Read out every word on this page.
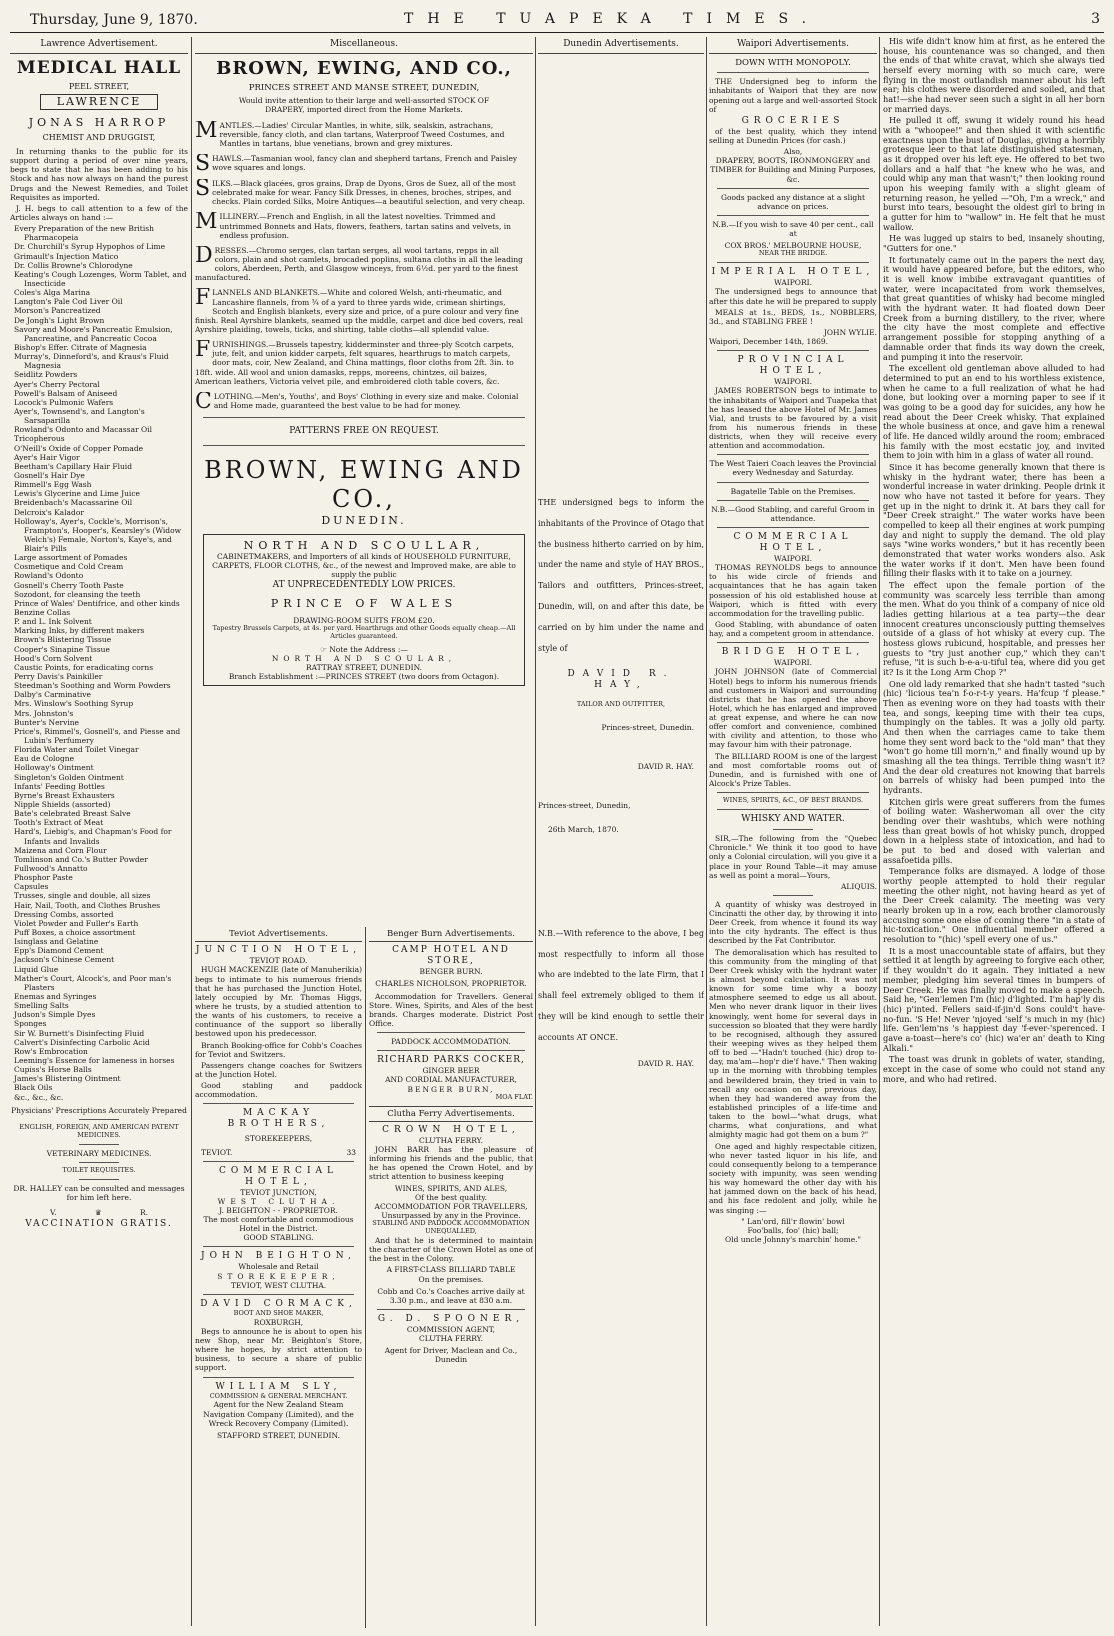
Thursday, June 9, 1870.	THE TUAPEKA TIMES.	3
Lawrence Advertisement.
MEDICAL HALL
PEEL STREET,
LAWRENCE
JONAS HARROP
CHEMIST AND DRUGGIST,

In returning thanks to the public for its support during a period of over nine years, begs to state that he has been adding to his Stock and has now always on hand the purest Drugs and the Newest Remedies, and Toilet Requisites as imported.

J. H. begs to call attention to a few of the Articles always on hand :—

Every Preparation of the new British Pharmacopeia
Dr. Churchill's Syrup Hypophos of Lime
Grimault's Injection Matico
Dr. Collis Browne's Chlorodyne
Keating's Cough Lozenges, Worm Tablet, and Insecticide
Coles's Alga Marina
Langton's Pale Cod Liver Oil
Morson's Pancreatized
De Jongh's Light Brown
Savory and Moore's Pancreatic Emulsion, Pancreatine, and Pancreatic Cocoa
Bishop's Effer. Citrate of Magnesia
Murray's, Dinneford's, and Kraus's Fluid Magnesia
Seidlitz Powders
Ayer's Cherry Pectoral
Powell's Balsam of Aniseed
Locock's Pulmonic Wafers
Ayer's, Townsend's, and Langton's Sarsaparilla
Rowland's Odonto and Macassar Oil
Tricopherous
O'Neill's Oxide of Copper Pomade
Ayer's Hair Vigor
Beetham's Capillary Hair Fluid
Gosnell's Hair Dye
Rimmell's Egg Wash
Lewis's Glycerine and Lime Juice
Breidenbach's Macassarine Oil
Delcroix's Kalador
Holloway's, Ayer's, Cockle's, Morrison's, Frampton's, Hooper's, Kearsley's (Widow Welch's) Female, Norton's, Kaye's, and Blair's Pills
Large assortment of Pomades
Cosmetique and Cold Cream
Rowland's Odonto
Gosnell's Cherry Tooth Paste
Sozodont, for cleansing the teeth
Prince of Wales' Dentifrice, and other kinds
Benzine Collas
P. and L. Ink Solvent
Marking Inks, by different makers
Brown's Blistering Tissue
Cooper's Sinapine Tissue
Hood's Corn Solvent
Caustic Points, for eradicating corns
Perry Davis's Painkiller
Steedman's Soothing and Worm Powders
Dalby's Carminative
Mrs. Winslow's Soothing Syrup
Mrs. Johnston's
Bunter's Nervine
Price's, Rimmel's, Gosnell's, and Piesse and Lubin's Perfumery
Florida Water and Toilet Vinegar
Eau de Cologne
Holloway's Ointment
Singleton's Golden Ointment
Infants' Feeding Bottles
Byrne's Breast Exhausters
Nipple Shields (assorted)
Bate's celebrated Breast Salve
Tooth's Extract of Meat
Hard's, Liebig's, and Chapman's Food for Infants and Invalids
Maizena and Corn Flour
Tomlinson and Co.'s Butter Powder
Fullwood's Annatto
Phosphor Paste
Capsules
Trusses, single and double, all sizes
Hair, Nail, Tooth, and Clothes Brushes
Dressing Combs, assorted
Violet Powder and Fuller's Earth
Puff Boxes, a choice assortment
Isinglass and Gelatine
Epp's Diamond Cement
Jackson's Chinese Cement
Liquid Glue
Mather's Court, Alcock's, and Poor man's Plasters
Enemas and Syringes
Smelling Salts
Judson's Simple Dyes
Sponges
Sir W. Burnett's Disinfecting Fluid
Calvert's Disinfecting Carbolic Acid
Row's Embrocation
Leeming's Essence for lameness in horses
Cupiss's Horse Balls
James's Blistering Ointment
Black Oils
&c., &c., &c.
Physicians' Prescriptions Accurately Prepared
ENGLISH, FOREIGN, AND AMERICAN PATENT MEDICINES.
VETERINARY MEDICINES.
TOILET REQUISITES.
DR. HALLEY can be consulted and messages for him left here.
V.	♛	R.
VACCINATION GRATIS.
Miscellaneous.
BROWN, EWING, AND CO.,
PRINCES STREET AND MANSE STREET, DUNEDIN,

Would invite attention to their large and well-assorted STOCK OF DRAPERY, imported direct from the Home Markets.

MANTLES.—Ladies' Circular Mantles, in white, silk, sealskin, astrachans, reversible, fancy cloth, and clan tartans, Waterproof Tweed Costumes, and Mantles in tartans, blue venetians, brown and grey mixtures.
SHAWLS.—Tasmanian wool, fancy clan and shepherd tartans, French and Paisley wove squares and longs.
SILKS.—Black glacées, gros grains, Drap de Dyons, Gros de Suez, all of the most celebrated make for wear. Fancy Silk Dresses, in chenes, broches, stripes, and checks. Plain corded Silks, Moire Antiques—a beautiful selection, and very cheap.
MILLINERY.—French and English, in all the latest novelties. Trimmed and untrimmed Bonnets and Hats, flowers, feathers, tartan satins and velvets, in endless profusion.
DRESSES.—Chromo serges, clan tartan serges, all wool tartans, repps in all colors, plain and shot camlets, brocaded poplins, sultana cloths in all the leading colors, Aberdeen, Perth, and Glasgow winceys, from 6½d. per yard to the finest manufactured.
FLANNELS AND BLANKETS.—White and colored Welsh, anti-rheumatic, and Lancashire flannels, from ¾ of a yard to three yards wide, crimean shirtings, Scotch and English blankets, every size and price, of a pure colour and very fine finish. Real Ayrshire blankets, seamed up the middle, carpet and dice bed covers, real Ayrshire plaiding, towels, ticks, and shirting, table cloths—all splendid value.
FURNISHINGS.—Brussels tapestry, kidderminster and three-ply Scotch carpets, jute, felt, and union kidder carpets, felt squares, hearthrugs to match carpets, door mats, coir, New Zealand, and China mattings, floor cloths from 2ft. 3in. to 18ft. wide. All wool and union damasks, repps, moreens, chintzes, oil baizes, American leathers, Victoria velvet pile, and embroidered cloth table covers, &c.
CLOTHING.—Men's, Youths', and Boys' Clothing in every size and make. Colonial and Home made, guaranteed the best value to be had for money.
PATTERNS FREE ON REQUEST.
BROWN, EWING AND CO.,
DUNEDIN.
NORTH AND SCOULLAR,
CABINETMAKERS, and Importers of all kinds of HOUSEHOLD FURNITURE, CARPETS, FLOOR CLOTHS, &c., of the newest and Improved make, are able to supply the public
AT UNPRECEDENTEDLY LOW PRICES.
PRINCE OF WALES
DRAWING-ROOM SUITS FROM £20.
Tapestry Brussels Carpets, at 4s. per yard. Hearthrugs and other Goods equally cheap.—All Articles guaranteed.
☞ Note the Address :—
NORTH AND SCOULAR,
RATTRAY STREET, DUNEDIN.
Branch Establishment :—PRINCES STREET (two doors from Octagon).
Teviot Advertisements.
JUNCTION HOTEL,
TEVIOT ROAD.

HUGH MACKENZIE (late of Manuherikia) begs to intimate to his numerous friends that he has purchased the Junction Hotel, lately occupied by Mr. Thomas Higgs, where he trusts, by a studied attention to the wants of his customers, to receive a continuance of the support so liberally bestowed upon his predecessor.

Branch Booking-office for Cobb's Coaches for Teviot and Switzers.

Passengers change coaches for Switzers at the Junction Hotel.

Good stabling and paddock accommodation.

MACKAY BROTHERS,
STOREKEEPERS,
TEVIOT.	33
COMMERCIAL HOTEL,
TEVIOT JUNCTION,
WEST CLUTHA.
J. BEIGHTON - - PROPRIETOR.
The most comfortable and commodious Hotel in the District.
GOOD STABLING.
JOHN BEIGHTON,
Wholesale and Retail
STOREKEEPER,
TEVIOT, WEST CLUTHA.
DAVID CORMACK,
BOOT AND SHOE MAKER,
ROXBURGH,

Begs to announce he is about to open his new Shop, near Mr. Beighton's Store, where he hopes, by strict attention to business, to secure a share of public support.

WILLIAM SLY,
COMMISSION & GENERAL MERCHANT.

Agent for the New Zealand Steam Navigation Company (Limited), and the Wreck Recovery Company (Limited).

STAFFORD STREET, DUNEDIN.
Benger Burn Advertisements.
CAMP HOTEL AND STORE,
BENGER BURN.
CHARLES NICHOLSON, PROPRIETOR.

Accommodation for Travellers. General Store. Wines, Spirits, and Ales of the best brands. Charges moderate. District Post Office.

PADDOCK ACCOMMODATION.
RICHARD PARKS COCKER,
GINGER BEER
AND CORDIAL MANUFACTURER,
BENGER BURN,
MOA FLAT.
Clutha Ferry Advertisements.
CROWN HOTEL,
CLUTHA FERRY.

JOHN BARR has the pleasure of informing his friends and the public, that he has opened the Crown Hotel, and by strict attention to business keeping

WINES, SPIRITS, AND ALES,
Of the best quality.
ACCOMMODATION FOR TRAVELLERS,
Unsurpassed by any in the Province.
STABLING AND PADDOCK ACCOMMODATION UNEQUALLED,

And that he is determined to maintain the character of the Crown Hotel as one of the best in the Colony.

A FIRST-CLASS BILLIARD TABLE
On the premises.

Cobb and Co.'s Coaches arrive daily at 3.30 p.m., and leave at 830 a.m.

G. D. SPOONER,
COMMISSION AGENT,
CLUTHA FERRY.
Agent for Driver, Maclean and Co., Dunedin
Dunedin Advertisements.

THE undersigned begs to inform the inhabitants of the Province of Otago that the business hitherto carried on by him, under the name and style of HAY BROS., Tailors and outfitters, Princes-street, Dunedin, will, on and after this date, be carried on by him under the name and style of

DAVID R. HAY,
TAILOR AND OUTFITTER,
Princes-street, Dunedin.
DAVID R. HAY.
Princes-street, Dunedin,
26th March, 1870.

N.B.—With reference to the above, I beg most respectfully to inform all those who are indebted to the late Firm, that I shall feel extremely obliged to them if they will be kind enough to settle their accounts AT ONCE.

DAVID R. HAY.
Waipori Advertisements.
DOWN WITH MONOPOLY.

THE Undersigned beg to inform the inhabitants of Waipori that they are now opening out a large and well-assorted Stock of

GROCERIES

of the best quality, which they intend selling at Dunedin Prices (for cash.)

Also,
DRAPERY, BOOTS, IRONMONGERY and TIMBER for Building and Mining Purposes, &c.

Goods packed any distance at a slight advance on prices.

N.B.—If you wish to save 40 per cent., call at

COX BROS.' MELBOURNE HOUSE,
NEAR THE BRIDGE.
IMPERIAL HOTEL,
WAIPORI.

The undersigned begs to announce that after this date he will be prepared to supply

MEALS at 1s., BEDS, 1s., NOBBLERS, 3d., and STABLING FREE !

JOHN WYLIE.
Waipori, December 14th, 1869.
PROVINCIAL HOTEL,
WAIPORI.

JAMES ROBERTSON begs to intimate to the inhabitants of Waipori and Tuapeka that he has leased the above Hotel of Mr. James Vial, and trusts to be favoured by a visit from his numerous friends in these districts, when they will receive every attention and accommodation.

The West Taieri Coach leaves the Provincial every Wednesday and Saturday.

Bagatelle Table on the Premises.
N.B.—Good Stabling, and careful Groom in attendance.
COMMERCIAL HOTEL,
WAIPORI.

THOMAS REYNOLDS begs to announce to his wide circle of friends and acquaintances that he has again taken possession of his old established house at Waipori, which is fitted with every accommodation for the travelling public.

Good Stabling, with abundance of oaten hay, and a competent groom in attendance.

BRIDGE HOTEL,
WAIPORI.

JOHN JOHNSON (late of Commercial Hotel) begs to inform his numerous friends and customers in Waipori and surrounding districts that he has opened the above Hotel, which he has enlarged and improved at great expense, and where he can now offer comfort and convenience, combined with civility and attention, to those who may favour him with their patronage.

The BILLIARD ROOM is one of the largest and most comfortable rooms out of Dunedin, and is furnished with one of Alcock's Prize Tables.

WINES, SPIRITS, &C., OF BEST BRANDS.
WHISKY AND WATER.

SIR,—The following from the "Quebec Chronicle." We think it too good to have only a Colonial circulation, will you give it a place in your Round Table—it may amuse as well as point a moral—Yours,

ALIQUIS.

A quantity of whisky was destroyed in Cincinatti the other day, by throwing it into Deer Creek, from whence it found its way into the city hydrants. The effect is thus described by the Fat Contributor.

The demoralisation which has resulted to this community from the mingling of that Deer Creek whisky with the hydrant water is almost beyond calculation. It was not known for some time why a boozy atmosphere seemed to edge us all about. Men who never drank liquor in their lives knowingly, went home for several days in succession so bloated that they were hardly to be recognised, although they assured their weeping wives as they helped them off to bed —"Hadn't touched (hic) drop to-day, ma'am—hop'r die'f have." Then waking up in the morning with throbbing temples and bewildered brain, they tried in vain to recall any occasion on the previous day, when they had wandered away from the established principles of a life-time and taken to the bowl—"what drugs, what charms, what conjurations, and what almighty magic had got them on a bum ?"

One aged and highly respectable citizen, who never tasted liquor in his life, and could consequently belong to a temperance society with impunity, was seen wending his way homeward the other day with his hat jammed down on the back of his head, and his face redolent and jolly, while he was singing :—

" Lan'ord, fill'r flowin' bowl
Foo'balls, foo' (hic) ball;
Old uncle Johnny's marchin' home."

His wife didn't know him at first, as he entered the house, his countenance was so changed, and then the ends of that white cravat, which she always tied herself every morning with so much care, were flying in the most outlandish manner about his left ear; his clothes were disordered and soiled, and that hat!—she had never seen such a sight in all her born or married days.

He pulled it off, swung it widely round his head with a "whoopee!" and then shied it with scientific exactness upon the bust of Douglas, giving a horribly grotesque leer to that late distinguished statesman, as it dropped over his left eye. He offered to bet two dollars and a half that "he knew who he was, and could whip any man that wasn't;" then looking round upon his weeping family with a slight gleam of returning reason, he yelled —"Oh, I'm a wreck," and burst into tears, besought the oldest girl to bring in a gutter for him to "wallow" in. He felt that he must wallow.

He was lugged up stairs to bed, insanely shouting, "Gutters for one."

It fortunately came out in the papers the next day, it would have appeared before, but the editors, who it is well know imbibe extravagant quantities of water, were incapacitated from work themselves, that great quantities of whisky had become mingled with the hydrant water. It had floated down Deer Creek from a burning distillery, to the river, where the city have the most complete and effective arrangement possible for stopping anything of a damnable order that finds its way down the creek, and pumping it into the reservoir.

The excellent old gentleman above alluded to had determined to put an end to his worthless existence, when he came to a full realization of what he had done, but looking over a morning paper to see if it was going to be a good day for suicides, any how he read about the Deer Creek whisky. That explained the whole business at once, and gave him a renewal of life. He danced wildly around the room; embraced his family with the most ecstatic joy, and invited them to join with him in a glass of water all round.

Since it has become generally known that there is whisky in the hydrant water, there has been a wonderful increase in water drinking. People drink it now who have not tasted it before for years. They get up in the night to drink it. At bars they call for "Deer Creek straight." The water works have been compelled to keep all their engines at work pumping day and night to supply the demand. The old play says "wine works wonders," but it has recently been demonstrated that water works wonders also. Ask the water works if it don't. Men have been found filling their flasks with it to take on a journey.

The effect upon the female portion of the community was scarcely less terrible than among the men. What do you think of a company of nice old ladies getting hilarious at a tea party—the dear innocent creatures unconsciously putting themselves outside of a glass of hot whisky at every cup. The hostess glows rubicund, hospitable, and presses her guests to "try just another cup," which they can't refuse, "it is such b-e-a-u-tiful tea, where did you get it? Is it the Long Arm Chop ?"

One old lady remarked that she hadn't tasted "such (hic) 'licious tea'n f-o-r-t-y years. Ha'fcup 'f please." Then as evening wore on they had toasts with their tea, and songs, keeping time with their tea cups, thumpingly on the tables. It was a jolly old party. And then when the carriages came to take them home they sent word back to the "old man" that they "won't go home till morn'n," and finally wound up by smashing all the tea things. Terrible thing wasn't it? And the dear old creatures not knowing that barrels on barrels of whisky had been pumped into the hydrants.

Kitchen girls were great sufferers from the fumes of boiling water. Washerwoman all over the city bending over their washtubs, which were nothing less than great bowls of hot whisky punch, dropped down in a helpless state of intoxication, and had to be put to bed and dosed with valerian and assafoetida pills.

Temperance folks are dismayed. A lodge of those worthy people attempted to hold their regular meeting the other night, not having heard as yet of the Deer Creek calamity. The meeting was very nearly broken up in a row, each brother clamorously accusing some one else of coming there "in a state of hic-toxication." One influential member offered a resolution to "(hic) 'spell every one of us."

It is a most unaccountable state of affairs, but they settled it at length by agreeing to forgive each other, if they wouldn't do it again. They initiated a new member, pledging him several times in bumpers of Deer Creek. He was finally moved to make a speech. Said he, "Gen'lemen I'm (hic) d'lighted. I'm hap'ly dis (hic) p'inted. Fellers said-if-jin'd Sons could't have-no-fun. 'S He! Never 'njoyed 'self 's much in my (hic) life. Gen'lem'ns 's happiest day 'f-ever-'sperenced. I gave a-toast—here's co' (hic) wa'er an' death to King Alkali."

The toast was drunk in goblets of water, standing, except in the case of some who could not stand any more, and who had retired.
